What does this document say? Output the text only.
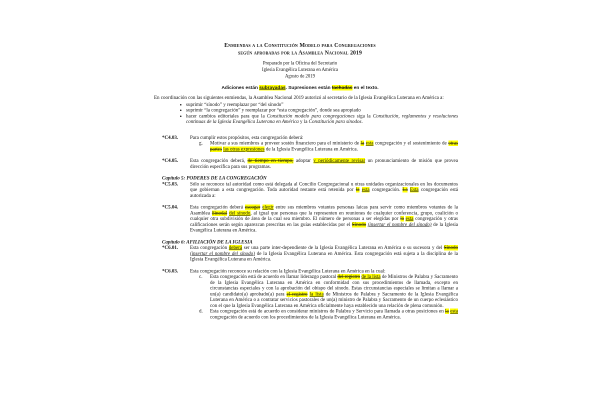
Enmiendas a la Constitución Modelo para Congregaciones
según aprobadas por la Asamblea Nacional 2019
Preparado por la Oficina del Secretario
Iglesia Evangélica Luterana en América
Agosto de 2019
Adiciones están subrayadas. Supresiones están tachadas en el texto.

En coordinación con las siguientes enmiendas, la Asamblea Nacional 2019 autorizó al secretario de la Iglesia Evangélica Luterana en América a:

• suprimir “sínodo” y reemplazar por “del sínodo”
• suprimir “la congregación” y reemplazar por “esta congregación”, donde sea apropiado
• hacer cambios editoriales para que la Constitución modelo para congregaciones siga la Constitución, reglamentos y resoluciones continuas de la Iglesia Evangélica Luterana en América y la Constitución para sínodos.
*C4.03.	Para cumplir estos propósitos, esta congregación deberá:
g. Motivar a sus miembros a proveer sostén financiero para el ministerio de la esta congregación y el sostenimiento de otras partes las otras expresiones de la Iglesia Evangélica Luterana en América.
*C4.05.	Esta congregación deberá, de tiempo en tiempo, adoptar y periódicamente revisar un pronunciamiento de misión que provea dirección específica para sus programas.

Capítulo 5: PODERES DE LA CONGREGACIÓN

*C5.03.	Sólo se reconoce tal autoridad como está delegada al Concilio Congregacional u otras unidades organizacionales en los documentos que gobiernan a esta congregación. Toda autoridad restante está retenida por la esta congregación. La Esta congregación está autorizada a:
*C5.04.	Esta congregación deberá escoger elegir entre sus miembros votantes personas laicas para servir como miembros votantes de la Asamblea Sinodal del sínodo, al igual que personas que la representen en reuniones de cualquier conferencia, grupo, coalición o cualquier otra subdivisión de área de la cual sea miembro. El número de personas a ser elegidas por la esta congregación y otras calificaciones serán según aparezcan prescritas en las guías establecidas por el Sínodo (insertar el nombre del sínodo) de la Iglesia Evangélica Luterana en América.

Capítulo 6: AFILIACIÓN DE LA IGLESIA

*C6.01.	Esta congregación deberá ser una parte inter-dependiente de la Iglesia Evangélica Luterana en América o su sucesora y del Sínodo (insertar el nombre del sínodo) de la Iglesia Evangélica Luterana en América. Esta congregación está sujeta a la disciplina de la Iglesia Evangélica Luterana en América.
*C6.03.	Esta congregación reconoce su relación con la Iglesia Evangélica Luterana en América en la cual:
c. Esta congregación está de acuerdo en llamar liderazgo pastoral del registro de la lista de Ministros de Palabra y Sacramento de la Iglesia Evangélica Luterana en América en conformidad con sus procedimientos de llamada, excepto en circunstancias especiales y con la aprobación del obispo del sínodo. Estas circunstancias especiales se limitan a llamar a un(a) candidato(a) aprobado(a) para el registro la lista de Ministros de Palabra y Sacramento de la Iglesia Evangélica Luterana en América o a contratar servicios pastorales de un(a) ministro de Palabra y Sacramento de un cuerpo eclesiástico con el que la Iglesia Evangélica Luterana en América oficialmente haya establecido una relación de plena comunión.
d. Esta congregación está de acuerdo en considerar ministros de Palabra y Servicio para llamada a otras posiciones en la esta congregación de acuerdo con los procedimientos de la Iglesia Evangélica Luterana en América.
